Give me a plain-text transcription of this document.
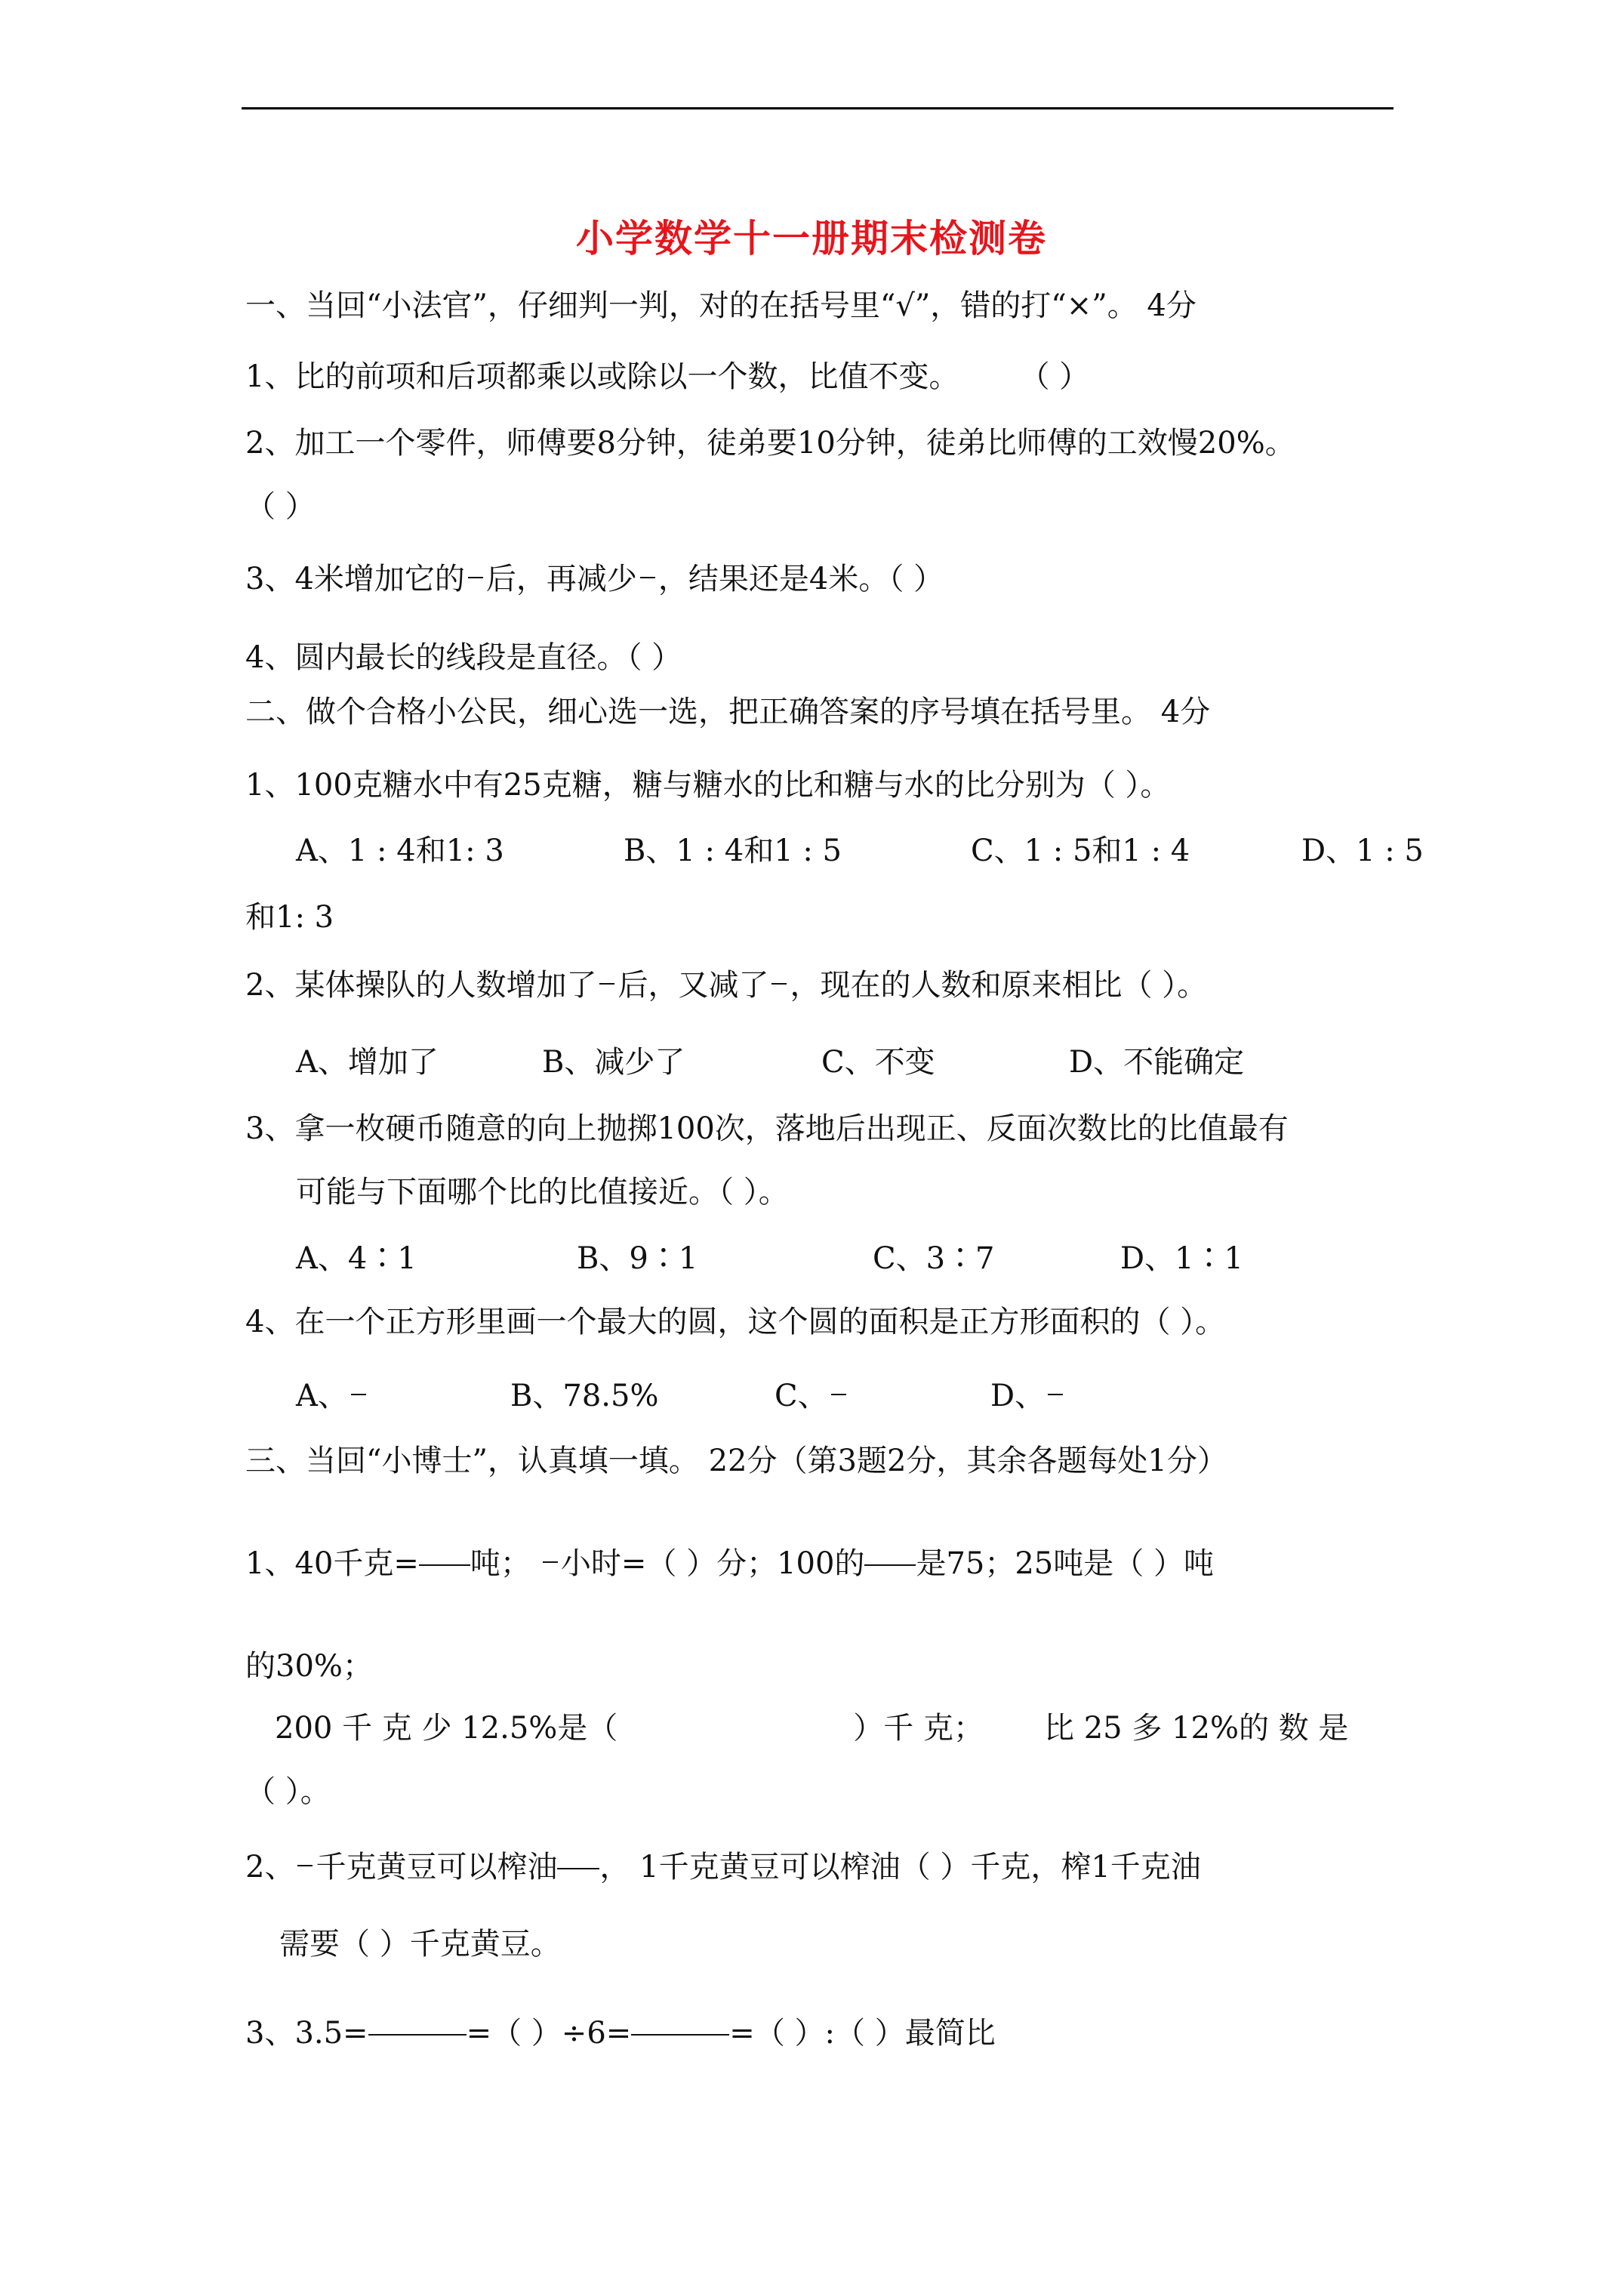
小学数学十一册期末检测卷
一、当回“小法官”，仔细判一判，对的在括号里“√”，错的打“×”。 4分
1、比的前项和后项都乘以或除以一个数，比值不变。 （ ）
2、加工一个零件，师傅要8分钟，徒弟要10分钟，徒弟比师傅的工效慢20%。
（ ）
3、4米增加它的 后，再减少 ，结果还是4米。（ ）
4、圆内最长的线段是直径。（ ）
二、做个合格小公民，细心选一选，把正确答案的序号填在括号里。 4分
1、100克糖水中有25克糖，糖与糖水的比和糖与水的比分别为（ ）。
A、1 : 4和1: 3	B、1 : 4和1 : 5	C、1 : 5和1 : 4	D、1 : 5
和1: 3
2、某体操队的人数增加了 后，又减了 ，现在的人数和原来相比（ ）。
A、增加了	B、减少了	C、不变	D、不能确定
3、拿一枚硬币随意的向上抛掷100次，落地后出现正、反面次数比的比值最有
可能与下面哪个比的比值接近。（ ）。
A、4∶1	B、9∶1	C、3∶7	D、1∶1
4、在一个正方形里画一个最大的圆，这个圆的面积是正方形面积的（ ）。
A、	B、78.5%	C、	D、
三、当回“小博士”，认真填一填。 22分（第3题2分，其余各题每处1分）
1、40千克= 吨； 小时=（ ）分；100的 是75；25吨是（ ）吨
的30%；
200 千 克 少 12.5%是（	）千 克； 比 25 多 12%的 数 是
（ ）。
2、 千克黄豆可以榨油 ， 1千克黄豆可以榨油（ ）千克，榨1千克油
需要（ ）千克黄豆。
3、3.5=	=（ ）÷6=	=（ ）:（ ）最简比
